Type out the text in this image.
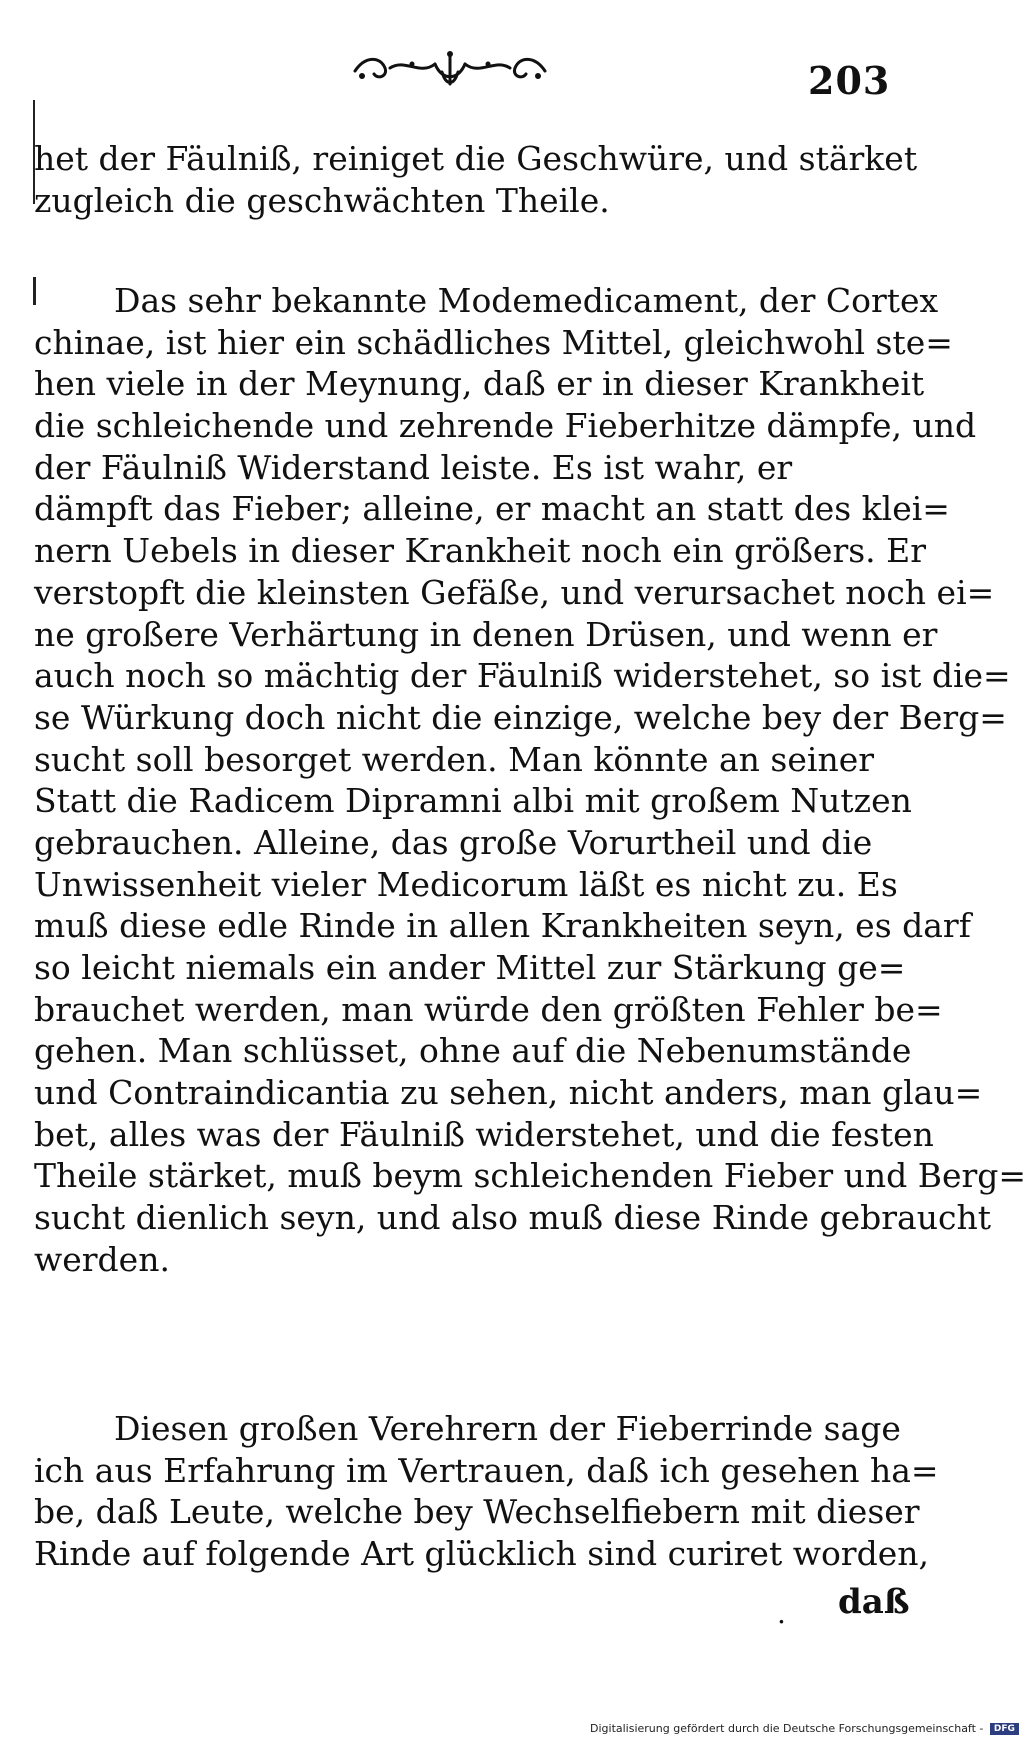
203
het der Fäulniß, reiniget die Geschwüre, und stärket
zugleich die geschwächten Theile.
Das sehr bekannte Modemedicament, der Cortex
chinae, ist hier ein schädliches Mittel, gleichwohl ste=
hen viele in der Meynung, daß er in dieser Krankheit
die schleichende und zehrende Fieberhitze dämpfe, und
der Fäulniß Widerstand leiste. Es ist wahr, er
dämpft das Fieber; alleine, er macht an statt des klei=
nern Uebels in dieser Krankheit noch ein größers. Er
verstopft die kleinsten Gefäße, und verursachet noch ei=
ne großere Verhärtung in denen Drüsen, und wenn er
auch noch so mächtig der Fäulniß widerstehet, so ist die=
se Würkung doch nicht die einzige, welche bey der Berg=
sucht soll besorget werden. Man könnte an seiner
Statt die Radicem Dipramni albi mit großem Nutzen
gebrauchen. Alleine, das große Vorurtheil und die
Unwissenheit vieler Medicorum läßt es nicht zu. Es
muß diese edle Rinde in allen Krankheiten seyn, es darf
so leicht niemals ein ander Mittel zur Stärkung ge=
brauchet werden, man würde den größten Fehler be=
gehen. Man schlüsset, ohne auf die Nebenumstände
und Contraindicantia zu sehen, nicht anders, man glau=
bet, alles was der Fäulniß widerstehet, und die festen
Theile stärket, muß beym schleichenden Fieber und Berg=
sucht dienlich seyn, und also muß diese Rinde gebraucht
werden.
Diesen großen Verehrern der Fieberrinde sage
ich aus Erfahrung im Vertrauen, daß ich gesehen ha=
be, daß Leute, welche bey Wechselfiebern mit dieser
Rinde auf folgende Art glücklich sind curiret worden,
. daß
Digitalisierung gefördert durch die Deutsche Forschungsgemeinschaft - DFG
